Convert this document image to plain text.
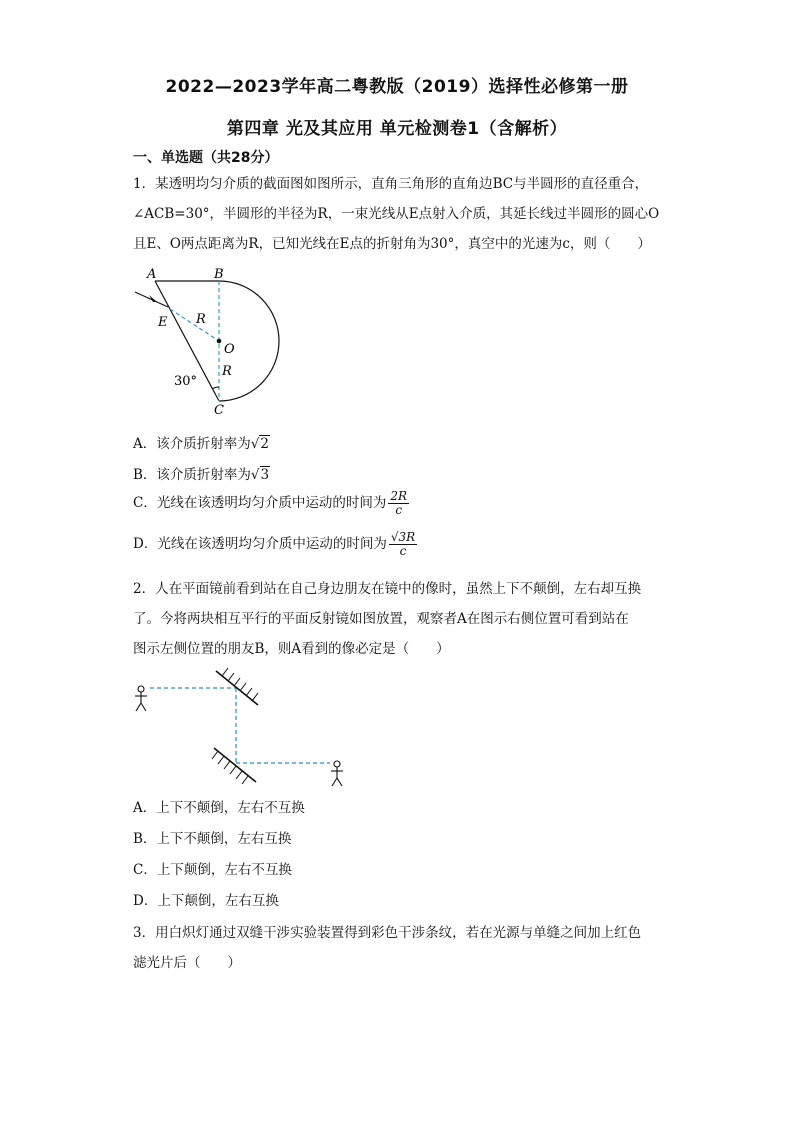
2022—2023学年高二粤教版（2019）选择性必修第一册
第四章 光及其应用 单元检测卷1（含解析）
一、单选题（共28分）
1．某透明均匀介质的截面图如图所示，直角三角形的直角边BC与半圆形的直径重合，
∠ACB=30°，半圆形的半径为R，一束光线从E点射入介质，其延长线过半圆形的圆心O
且E、O两点距离为R，已知光线在E点的折射角为30°，真空中的光速为c，则（　　）
A	B
E R
O
R
30°
C
A．该介质折射率为√2
B．该介质折射率为√3
C．光线在该透明均匀介质中运动的时间为 $\frac{2R}{c}$
D．光线在该透明均匀介质中运动的时间为 $\frac{√3R}{c}$
2．人在平面镜前看到站在自己身边朋友在镜中的像时，虽然上下不颠倒，左右却互换
了。今将两块相互平行的平面反射镜如图放置，观察者A在图示右侧位置可看到站在
图示左侧位置的朋友B，则A看到的像必定是（　　）
A．上下不颠倒，左右不互换
B．上下不颠倒，左右互换
C．上下颠倒，左右不互换
D．上下颠倒，左右互换
3．用白炽灯通过双缝干涉实验装置得到彩色干涉条纹，若在光源与单缝之间加上红色
滤光片后（　　）
